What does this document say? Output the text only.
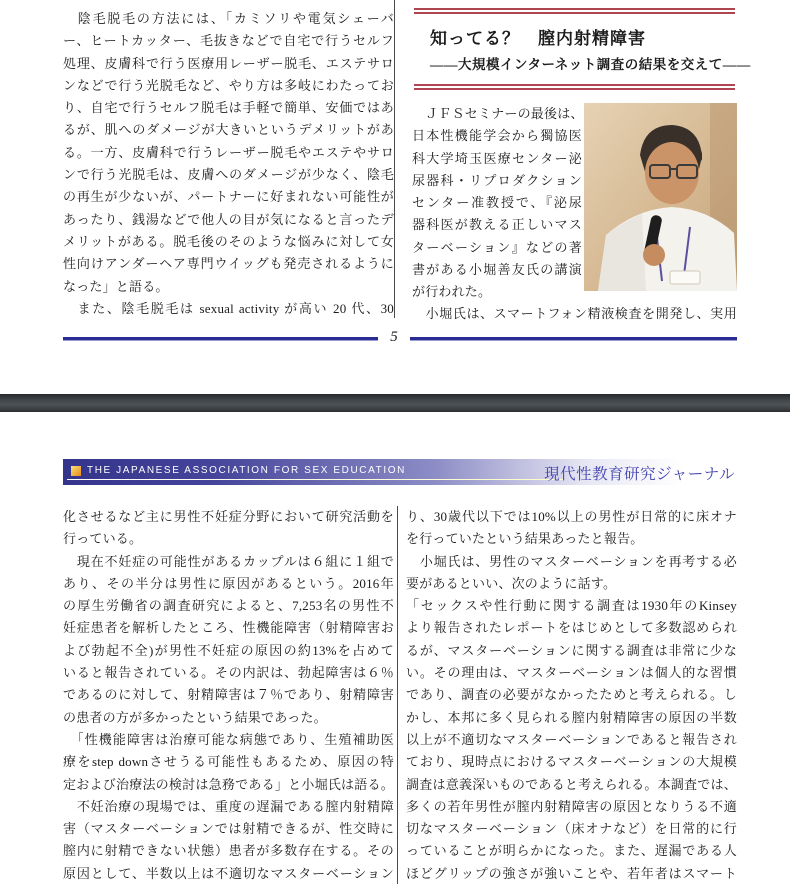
　陰毛脱毛の方法には、「カミソリや電気シェーバ
ー、ヒートカッター、毛抜きなどで自宅で行うセルフ
処理、皮膚科で行う医療用レーザー脱毛、エステサロ
ンなどで行う光脱毛など、やり方は多岐にわたってお
り、自宅で行うセルフ脱毛は手軽で簡単、安価ではあ
るが、肌へのダメージが大きいというデメリットがあ
る。一方、皮膚科で行うレーザー脱毛やエステやサロ
ンで行う光脱毛は、皮膚へのダメージが少なく、陰毛
の再生が少ないが、パートナーに好まれない可能性が
あったり、銭湯などで他人の目が気になると言ったデ
メリットがある。脱毛後のそのような悩みに対して女
性向けアンダーヘア専門ウイッグも発売されるように
なった」と語る。
　また、陰毛脱毛は sexual activity が高い 20 代、30
知ってる？　膣内射精障害
――大規模インターネット調査の結果を交えて――
　ＪＦＳセミナーの最後は、
日本性機能学会から獨協医
科大学埼玉医療センター泌
尿器科・リプロダクション
センター准教授で、『泌尿
器科医が教える正しいマス
ターベーション』などの著
書がある小堀善友氏の講演
が行われた。
　小堀氏は、スマートフォン精液検査を開発し、実用
5
THE JAPANESE ASSOCIATION FOR SEX EDUCATION	現代性教育研究ジャーナル
化させるなど主に男性不妊症分野において研究活動を
行っている。
　現在不妊症の可能性があるカップルは６組に１組で
あり、その半分は男性に原因があるという。2016年
の厚生労働省の調査研究によると、7,253名の男性不
妊症患者を解析したところ、性機能障害（射精障害お
よび勃起不全)が男性不妊症の原因の約13%を占めて
いると報告されている。その内訳は、勃起障害は６％
であるのに対して、射精障害は７％であり、射精障害
の患者の方が多かったという結果であった。
　「性機能障害は治療可能な病態であり、生殖補助医
療をstep downさせうる可能性もあるため、原因の特
定および治療法の検討は急務である」と小堀氏は語る。
　不妊治療の現場では、重度の遅漏である膣内射精障
害（マスターベーションでは射精できるが、性交時に
膣内に射精できない状態）患者が多数存在する。その
原因として、半数以上は不適切なマスターベーション
り、30歳代以下では10%以上の男性が日常的に床オナ
を行っていたという結果あったと報告。
　小堀氏は、男性のマスターベーションを再考する必
要があるといい、次のように話す。
「セックスや性行動に関する調査は1930年のKinsey
より報告されたレポートをはじめとして多数認められ
るが、マスターベーションに関する調査は非常に少な
い。その理由は、マスターベーションは個人的な習慣
であり、調査の必要がなかったためと考えられる。し
かし、本邦に多く見られる膣内射精障害の原因の半数
以上が不適切なマスターベーションであると報告され
ており、現時点におけるマスターベーションの大規模
調査は意義深いものであると考えられる。本調査では、
多くの若年男性が膣内射精障害の原因となりうる不適
切なマスターベーション（床オナなど）を日常的に行
っていることが明らかになった。また、遅漏である人
ほどグリップの強さが強いことや、若年者はスマート
